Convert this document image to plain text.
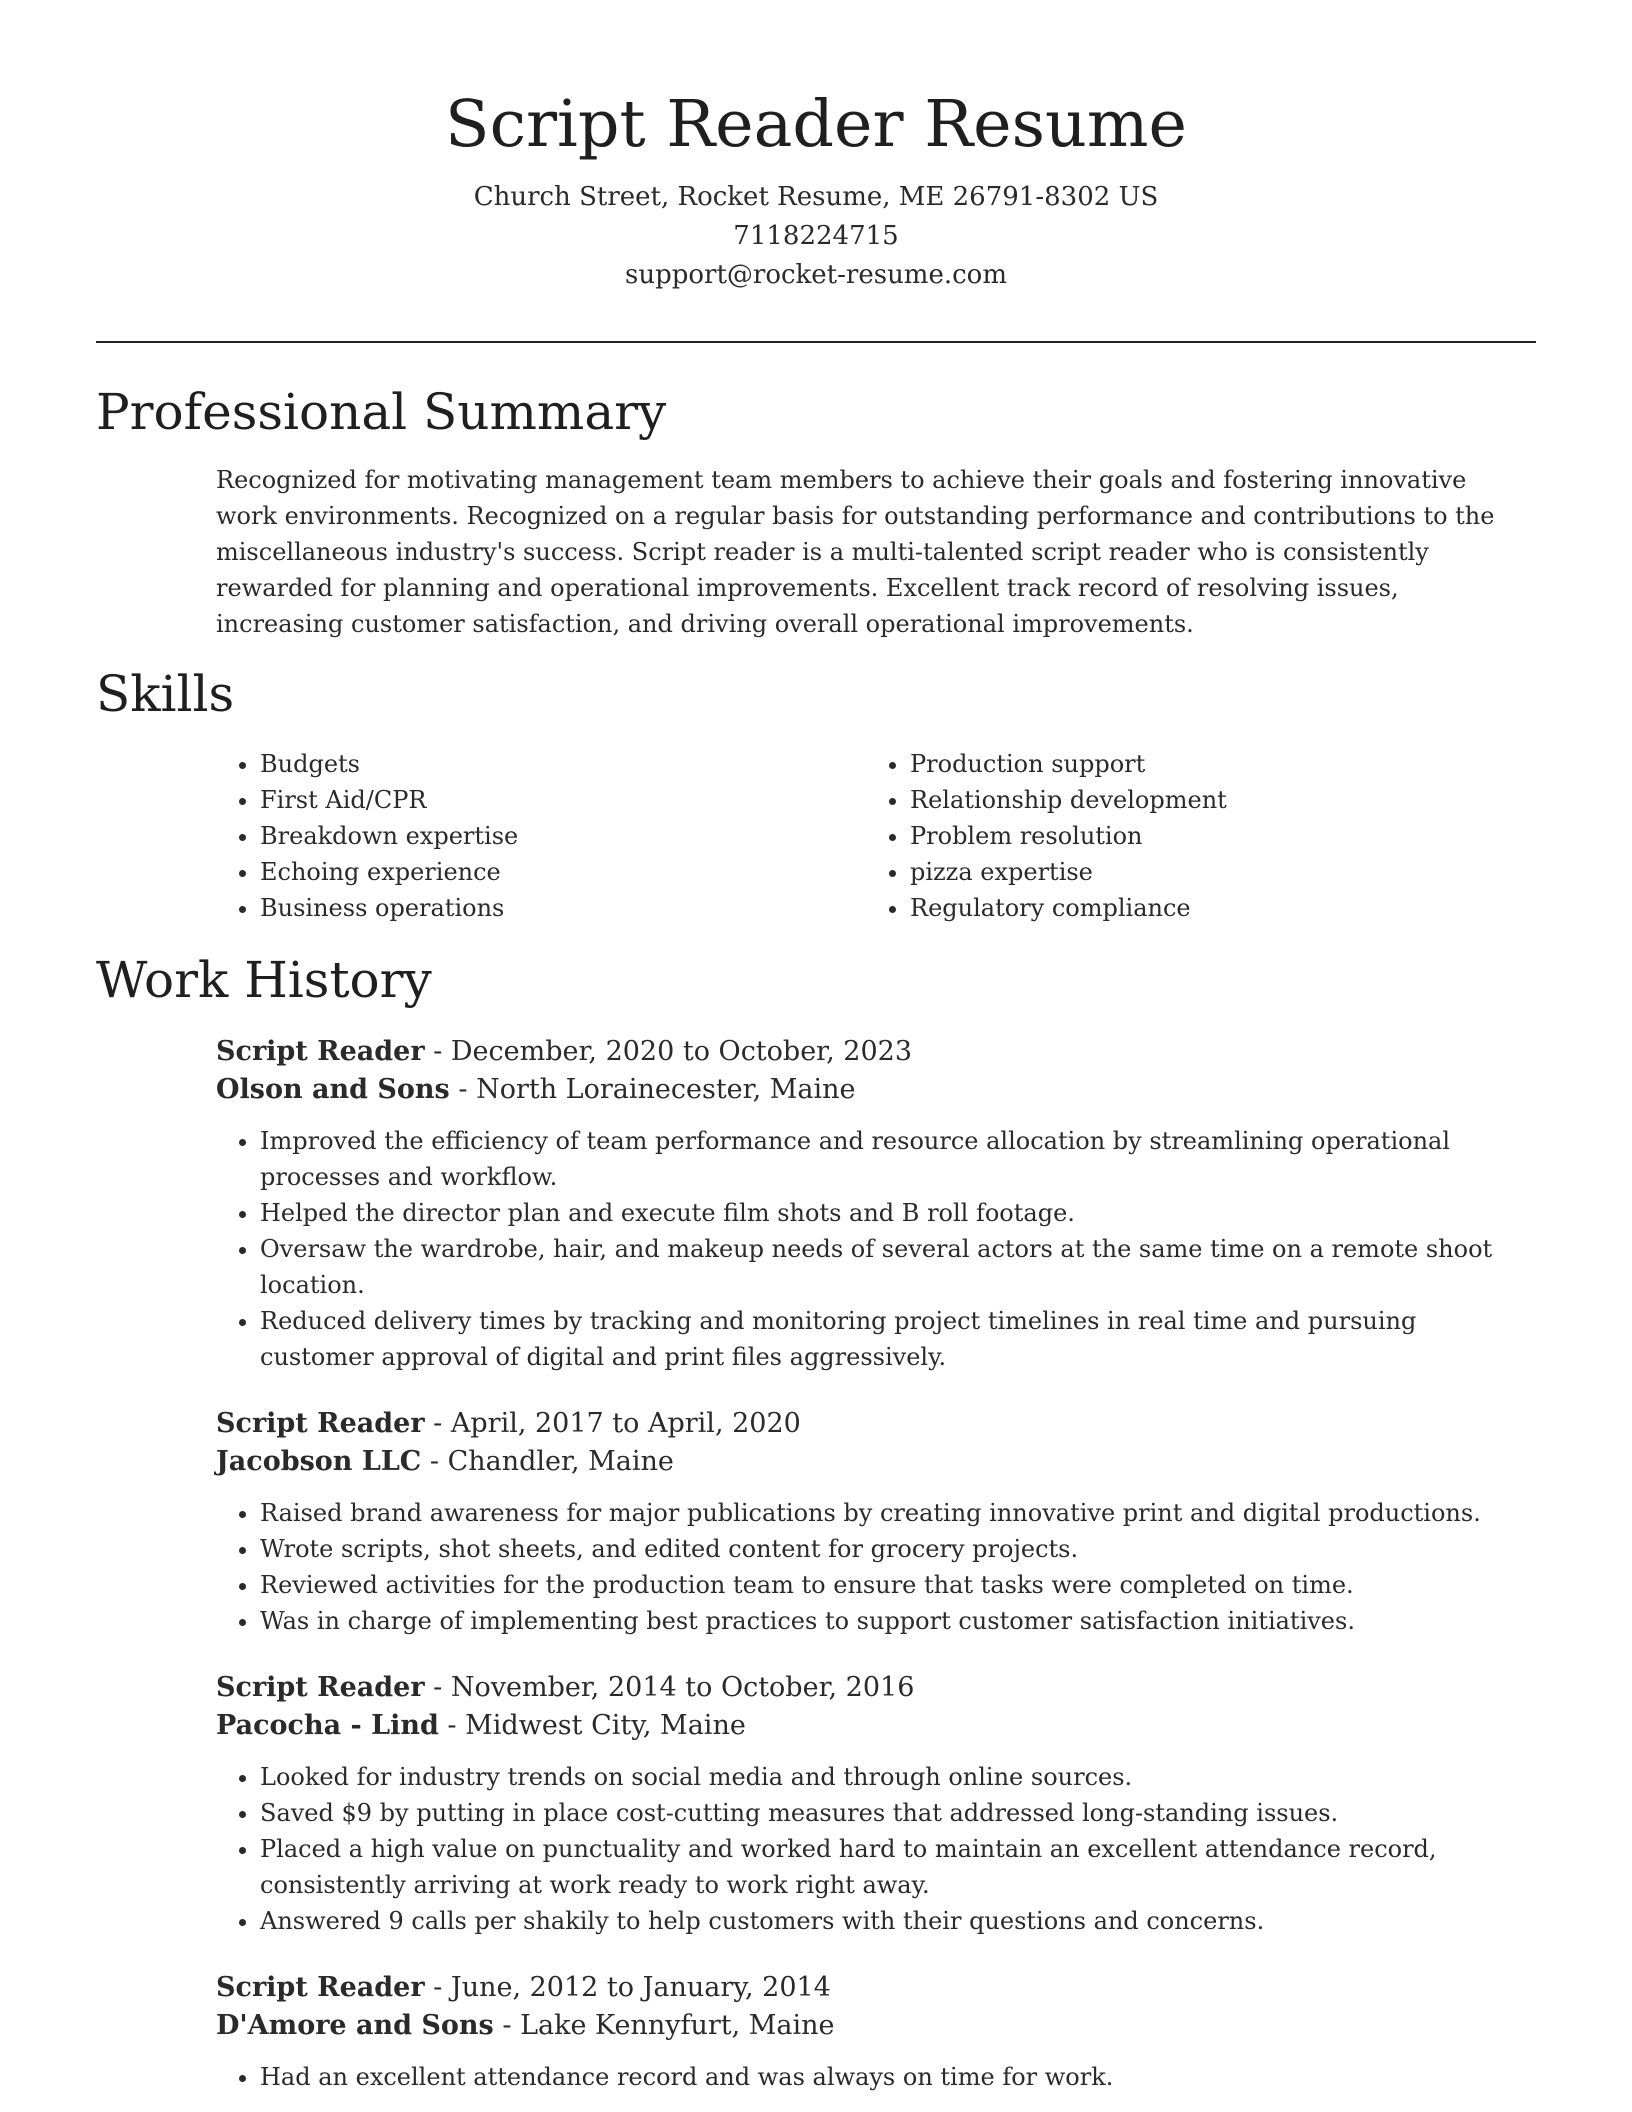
Script Reader Resume
Church Street, Rocket Resume, ME 26791-8302 US
7118224715
support@rocket-resume.com
Professional Summary

Recognized for motivating management team members to achieve their goals and fostering innovative work environments. Recognized on a regular basis for outstanding performance and contributions to the miscellaneous industry's success. Script reader is a multi-talented script reader who is consistently rewarded for planning and operational improvements. Excellent track record of resolving issues, increasing customer satisfaction, and driving overall operational improvements.

Skills
• Budgets
• First Aid/CPR
• Breakdown expertise
• Echoing experience
• Business operations
• Production support
• Relationship development
• Problem resolution
• pizza expertise
• Regulatory compliance
Work History
Script Reader - December, 2020 to October, 2023
Olson and Sons - North Lorainecester, Maine
• Improved the efficiency of team performance and resource allocation by streamlining operational processes and workflow.
• Helped the director plan and execute film shots and B roll footage.
• Oversaw the wardrobe, hair, and makeup needs of several actors at the same time on a remote shoot location.
• Reduced delivery times by tracking and monitoring project timelines in real time and pursuing customer approval of digital and print files aggressively.
Script Reader - April, 2017 to April, 2020
Jacobson LLC - Chandler, Maine
• Raised brand awareness for major publications by creating innovative print and digital productions.
• Wrote scripts, shot sheets, and edited content for grocery projects.
• Reviewed activities for the production team to ensure that tasks were completed on time.
• Was in charge of implementing best practices to support customer satisfaction initiatives.
Script Reader - November, 2014 to October, 2016
Pacocha - Lind - Midwest City, Maine
• Looked for industry trends on social media and through online sources.
• Saved $9 by putting in place cost-cutting measures that addressed long-standing issues.
• Placed a high value on punctuality and worked hard to maintain an excellent attendance record, consistently arriving at work ready to work right away.
• Answered 9 calls per shakily to help customers with their questions and concerns.
Script Reader - June, 2012 to January, 2014
D'Amore and Sons - Lake Kennyfurt, Maine
• Had an excellent attendance record and was always on time for work.
